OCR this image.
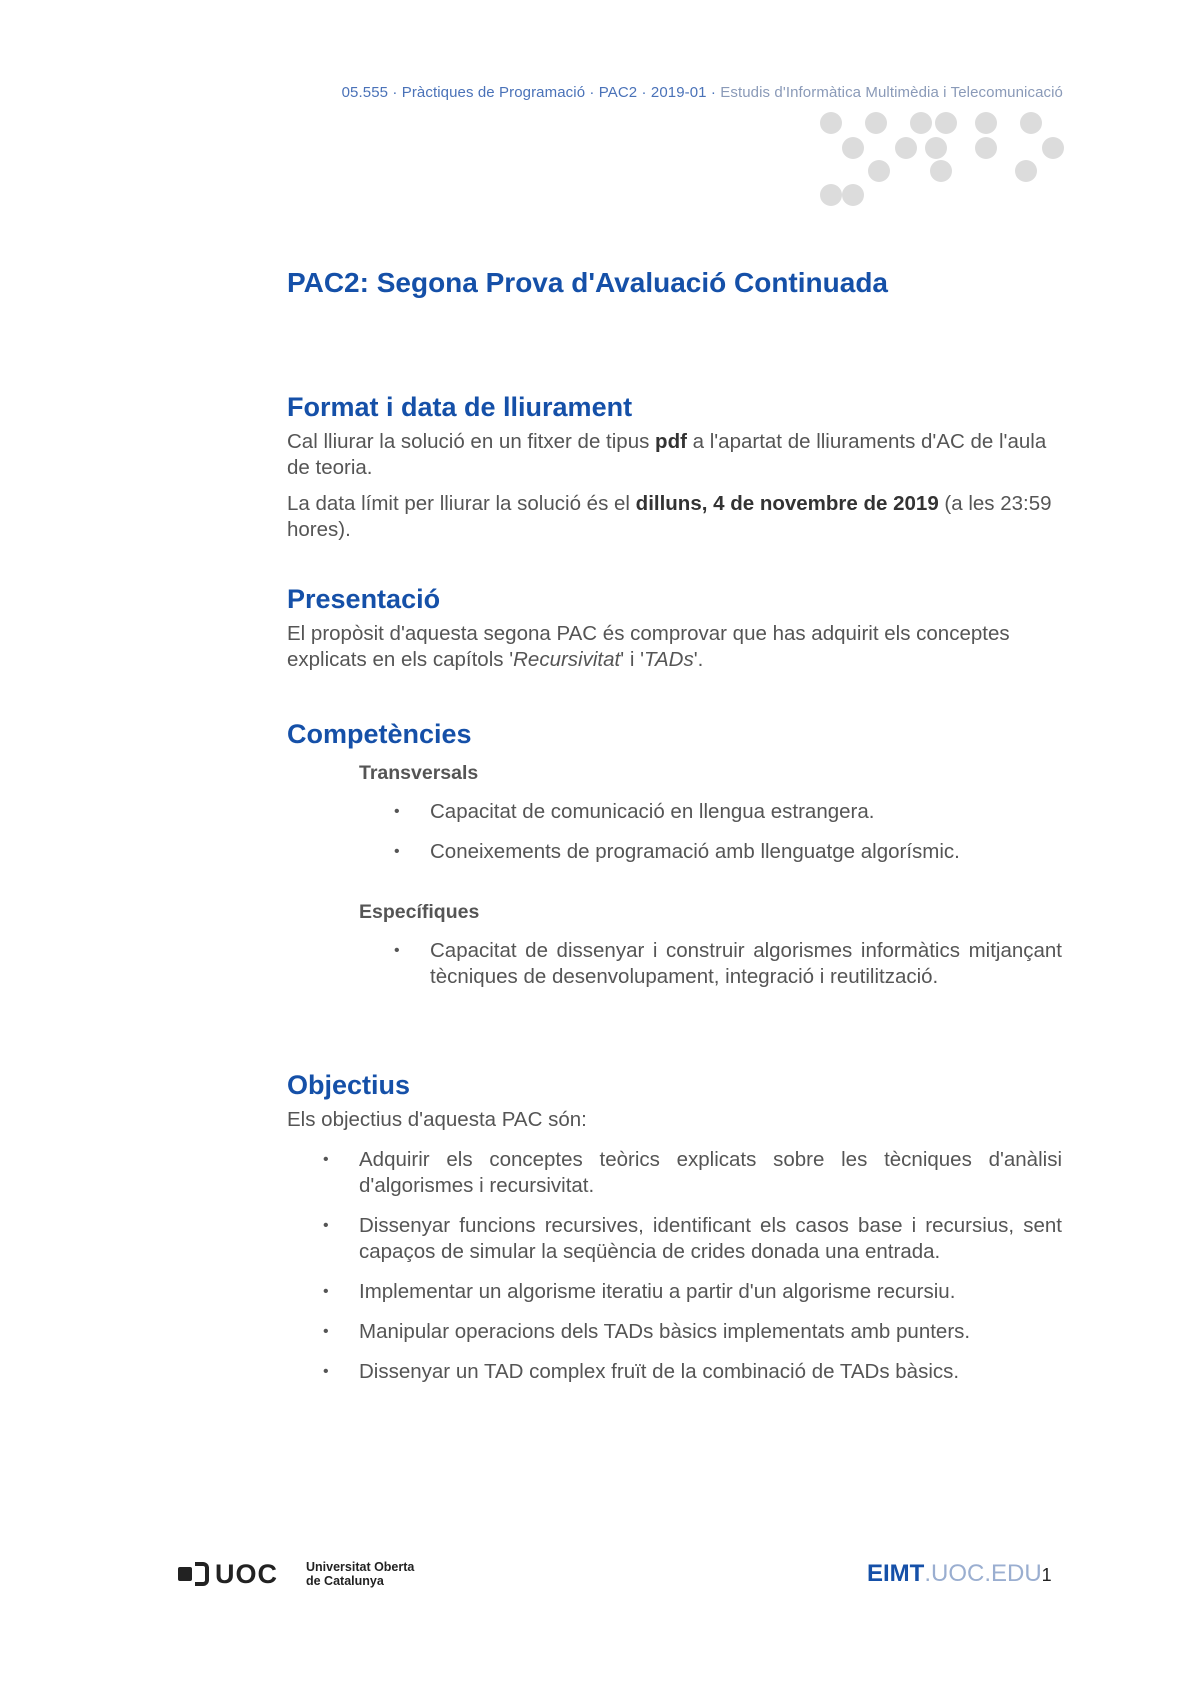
05.555 · Pràctiques de Programació · PAC2 · 2019-01 · Estudis d'Informàtica Multimèdia i Telecomunicació
PAC2: Segona Prova d'Avaluació Continuada
Format i data de lliurament

Cal lliurar la solució en un fitxer de tipus pdf a l'apartat de lliuraments d'AC de l'aula de teoria.

La data límit per lliurar la solució és el dilluns, 4 de novembre de 2019 (a les 23:59 hores).

Presentació

El propòsit d'aquesta segona PAC és comprovar que has adquirit els conceptes explicats en els capítols 'Recursivitat' i 'TADs'.

Competències
Transversals
• Capacitat de comunicació en llengua estrangera.
• Coneixements de programació amb llenguatge algorísmic.
Específiques
• Capacitat de dissenyar i construir algorismes informàtics mitjançant tècniques de desenvolupament, integració i reutilització.
Objectius

Els objectius d'aquesta PAC són:

• Adquirir els conceptes teòrics explicats sobre les tècniques d'anàlisi d'algorismes i recursivitat.
• Dissenyar funcions recursives, identificant els casos base i recursius, sent capaços de simular la seqüència de crides donada una entrada.
• Implementar un algorisme iteratiu a partir d'un algorisme recursiu.
• Manipular operacions dels TADs bàsics implementats amb punters.
• Dissenyar un TAD complex fruït de la combinació de TADs bàsics.
UOC Universitat Oberta
de Catalunya	EIMT.UOC.EDU1
